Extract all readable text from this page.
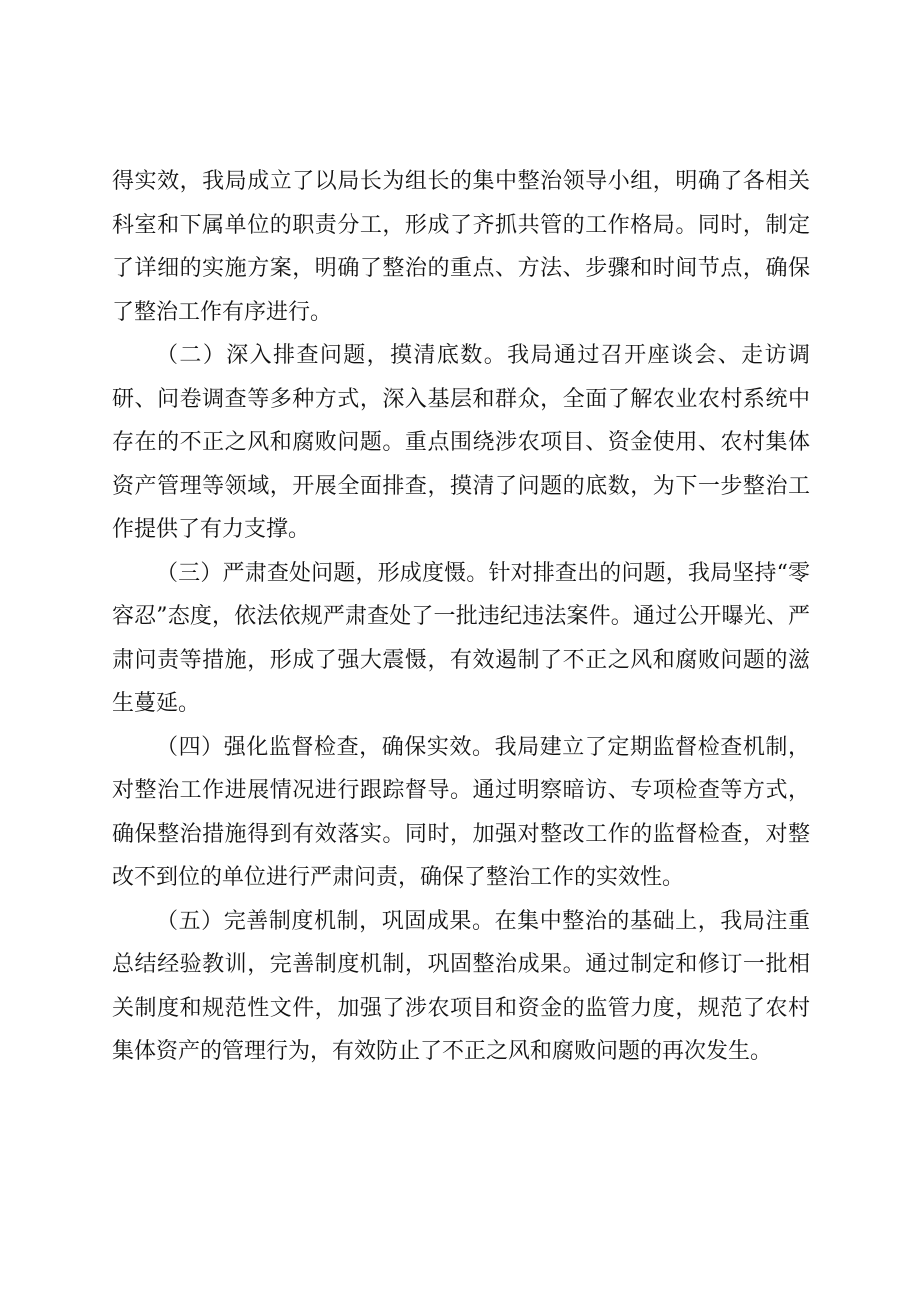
得实效，我局成立了以局长为组长的集中整治领导小组，明确了各相关科室和下属单位的职责分工，形成了齐抓共管的工作格局。同时，制定了详细的实施方案，明确了整治的重点、方法、步骤和时间节点，确保了整治工作有序进行。

（二）深入排查问题，摸清底数。我局通过召开座谈会、走访调研、问卷调查等多种方式，深入基层和群众，全面了解农业农村系统中存在的不正之风和腐败问题。重点围绕涉农项目、资金使用、农村集体资产管理等领域，开展全面排查，摸清了问题的底数，为下一步整治工作提供了有力支撑。

（三）严肃查处问题，形成度慑。针对排查出的问题，我局坚持“零容忍”态度，依法依规严肃查处了一批违纪违法案件。通过公开曝光、严肃问责等措施，形成了强大震慑，有效遏制了不正之风和腐败问题的滋生蔓延。

（四）强化监督检查，确保实效。我局建立了定期监督检查机制，对整治工作进展情况进行跟踪督导。通过明察暗访、专项检查等方式，确保整治措施得到有效落实。同时，加强对整改工作的监督检查，对整改不到位的单位进行严肃问责，确保了整治工作的实效性。

（五）完善制度机制，巩固成果。在集中整治的基础上，我局注重总结经验教训，完善制度机制，巩固整治成果。通过制定和修订一批相关制度和规范性文件，加强了涉农项目和资金的监管力度，规范了农村集体资产的管理行为，有效防止了不正之风和腐败问题的再次发生。
